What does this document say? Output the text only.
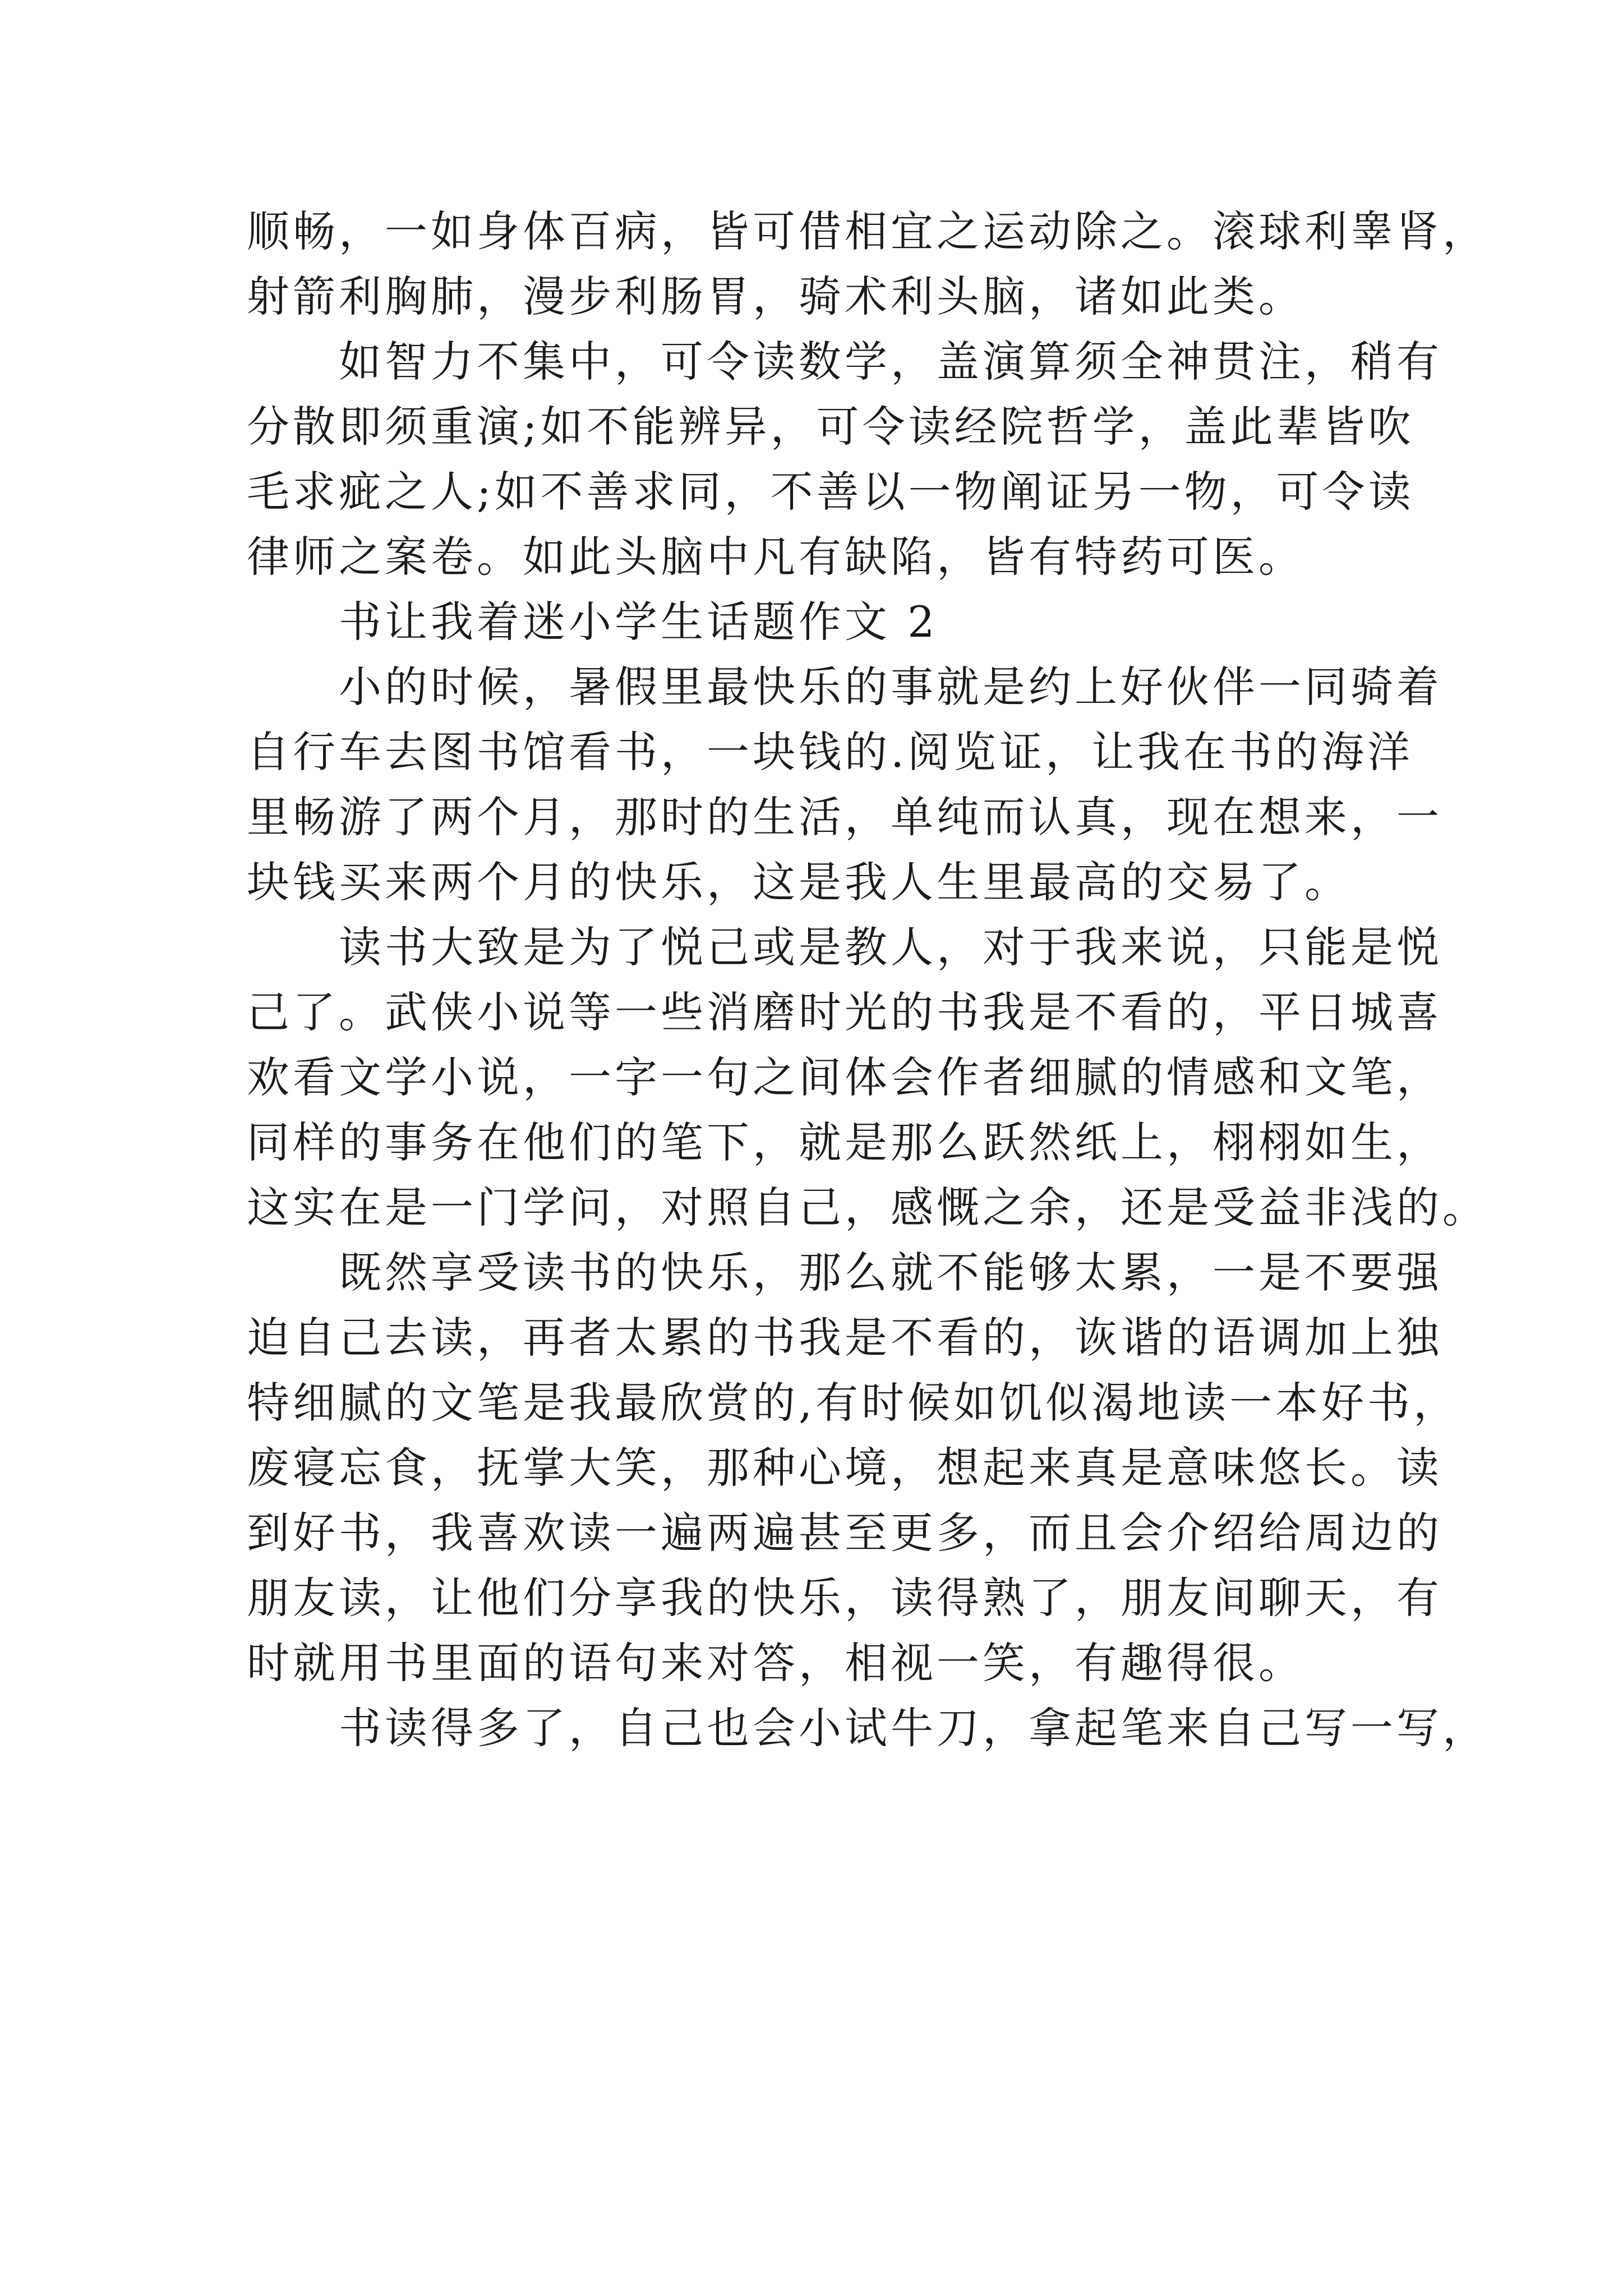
顺畅，一如身体百病，皆可借相宜之运动除之。滚球利睾肾，
射箭利胸肺，漫步利肠胃，骑术利头脑，诸如此类。

如智力不集中，可令读数学，盖演算须全神贯注，稍有
分散即须重演;如不能辨异，可令读经院哲学，盖此辈皆吹
毛求疵之人;如不善求同，不善以一物阐证另一物，可令读
律师之案卷。如此头脑中凡有缺陷，皆有特药可医。

书让我着迷小学生话题作文 2

小的时候，暑假里最快乐的事就是约上好伙伴一同骑着
自行车去图书馆看书，一块钱的.阅览证，让我在书的海洋
里畅游了两个月，那时的生活，单纯而认真，现在想来，一
块钱买来两个月的快乐，这是我人生里最高的交易了。

读书大致是为了悦己或是教人，对于我来说，只能是悦
己了。武侠小说等一些消磨时光的书我是不看的，平日城喜
欢看文学小说，一字一句之间体会作者细腻的情感和文笔，
同样的事务在他们的笔下，就是那么跃然纸上，栩栩如生，
这实在是一门学问，对照自己，感慨之余，还是受益非浅的。

既然享受读书的快乐，那么就不能够太累，一是不要强
迫自己去读，再者太累的书我是不看的，诙谐的语调加上独
特细腻的文笔是我最欣赏的,有时候如饥似渴地读一本好书，
废寝忘食，抚掌大笑，那种心境，想起来真是意味悠长。读
到好书，我喜欢读一遍两遍甚至更多，而且会介绍给周边的
朋友读，让他们分享我的快乐，读得熟了，朋友间聊天，有
时就用书里面的语句来对答，相视一笑，有趣得很。

书读得多了，自己也会小试牛刀，拿起笔来自己写一写，
